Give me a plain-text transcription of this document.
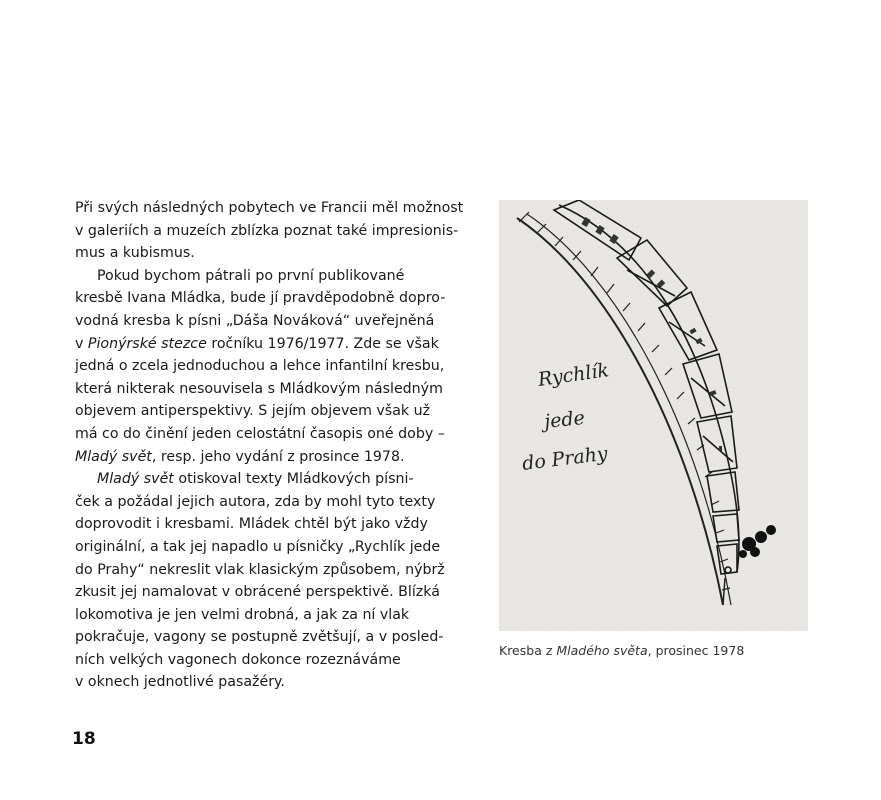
Při svých následných pobytech ve Francii měl možnost
v galeriích a muzeích zblízka poznat také impresionis-
mus a kubismus.
Pokud bychom pátrali po první publikované
kresbě Ivana Mládka, bude jí pravděpodobně dopro-
vodná kresba k písni „Dáša Nováková“ uveřejněná
v Pionýrské stezce ročníku 1976/1977. Zde se však
jedná o zcela jednoduchou a lehce infantilní kresbu,
která nikterak nesouvisela s Mládkovým následným
objevem antiperspektivy. S jejím objevem však už
má co do činění jeden celostátní časopis oné doby –
Mladý svět, resp. jeho vydání z prosince 1978.
Mladý svět otiskoval texty Mládkových písni-
ček a požádal jejich autora, zda by mohl tyto texty
doprovodit i kresbami. Mládek chtěl být jako vždy
originální, a tak jej napadlo u písničky „Rychlík jede
do Prahy“ nekreslit vlak klasickým způsobem, nýbrž
zkusit jej namalovat v obrácené perspektivě. Blízká
lokomotiva je jen velmi drobná, a jak za ní vlak
pokračuje, vagony se postupně zvětšují, a v posled-
ních velkých vagonech dokonce rozeznáváme
v oknech jednotlivé pasažéry.
Rychlík
jede
do Prahy
Kresba z Mladého světa, prosinec 1978
18
